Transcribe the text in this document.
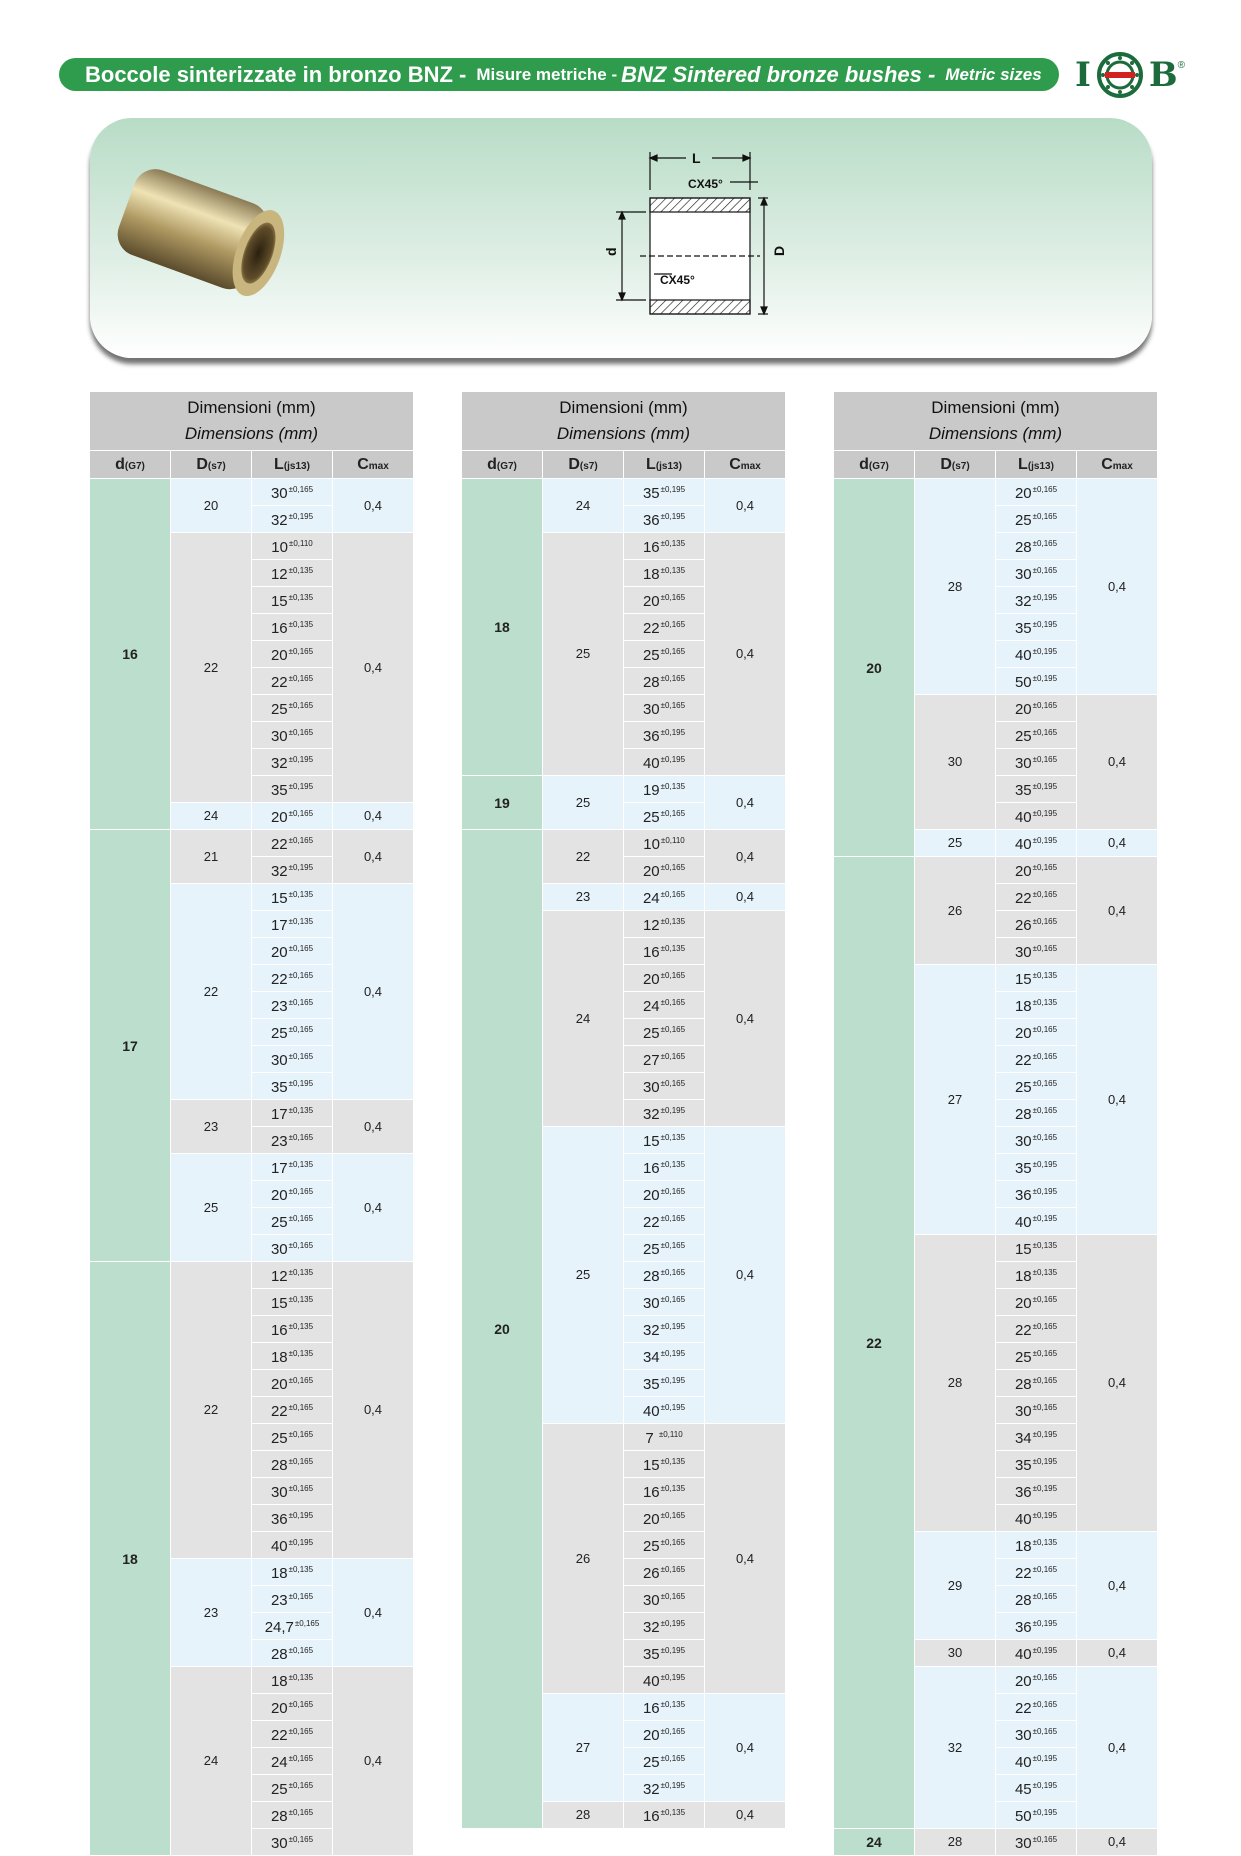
Boccole sinterizzate in bronzo BNZ - Misure metriche - BNZ Sintered bronze bushes - Metric sizes I B ®
L
CX45°
CX45°
d	D
Dimensioni (mm)
Dimensions (mm)			

d(G7)	D(s7)	L(js13)	Cmax
16	20	$30^{\pm 0,165}$	0,4
		$32^{\pm 0,195}$
	22	$10^{\pm 0,110}$	0,4
		$12^{\pm 0,135}$
		$15^{\pm 0,135}$
		$16^{\pm 0,135}$
		$20^{\pm 0,165}$
		$22^{\pm 0,165}$
		$25^{\pm 0,165}$
		$30^{\pm 0,165}$
		$32^{\pm 0,195}$
		$35^{\pm 0,195}$
	24	$20^{\pm 0,165}$	0,4
17	21	$22^{\pm 0,165}$	0,4
		$32^{\pm 0,195}$
	22	$15^{\pm 0,135}$	0,4
		$17^{\pm 0,135}$
		$20^{\pm 0,165}$
		$22^{\pm 0,165}$
		$23^{\pm 0,165}$
		$25^{\pm 0,165}$
		$30^{\pm 0,165}$
		$35^{\pm 0,195}$
	23	$17^{\pm 0,135}$	0,4
		$23^{\pm 0,165}$
	25	$17^{\pm 0,135}$	0,4
		$20^{\pm 0,165}$
		$25^{\pm 0,165}$
		$30^{\pm 0,165}$
18	22	$12^{\pm 0,135}$	0,4
		$15^{\pm 0,135}$
		$16^{\pm 0,135}$
		$18^{\pm 0,135}$
		$20^{\pm 0,165}$
		$22^{\pm 0,165}$
		$25^{\pm 0,165}$
		$28^{\pm 0,165}$
		$30^{\pm 0,165}$
		$36^{\pm 0,195}$
		$40^{\pm 0,195}$
	23	$18^{\pm 0,135}$	0,4
		$23^{\pm 0,165}$
		$24,7^{\pm 0,165}$
		$28^{\pm 0,165}$
	24	$18^{\pm 0,135}$	0,4
		$20^{\pm 0,165}$
		$22^{\pm 0,165}$
		$24^{\pm 0,165}$
		$25^{\pm 0,165}$
		$28^{\pm 0,165}$
		$30^{\pm 0,165}$
Dimensioni (mm)
Dimensions (mm)			

d(G7)	D(s7)	L(js13)	Cmax
18	24	$35^{\pm 0,195}$	0,4
		$36^{\pm 0,195}$
	25	$16^{\pm 0,135}$	0,4
		$18^{\pm 0,135}$
		$20^{\pm 0,165}$
		$22^{\pm 0,165}$
		$25^{\pm 0,165}$
		$28^{\pm 0,165}$
		$30^{\pm 0,165}$
		$36^{\pm 0,195}$
		$40^{\pm 0,195}$
19	25	$19^{\pm 0,135}$	0,4
		$25^{\pm 0,165}$
20	22	$10^{\pm 0,110}$	0,4
		$20^{\pm 0,165}$
	23	$24^{\pm 0,165}$	0,4
	24	$12^{\pm 0,135}$	0,4
		$16^{\pm 0,135}$
		$20^{\pm 0,165}$
		$24^{\pm 0,165}$
		$25^{\pm 0,165}$
		$27^{\pm 0,165}$
		$30^{\pm 0,165}$
		$32^{\pm 0,195}$
	25	$15^{\pm 0,135}$	0,4
		$16^{\pm 0,135}$
		$20^{\pm 0,165}$
		$22^{\pm 0,165}$
		$25^{\pm 0,165}$
		$28^{\pm 0,165}$
		$30^{\pm 0,165}$
		$32^{\pm 0,195}$
		$34^{\pm 0,195}$
		$35^{\pm 0,195}$
		$40^{\pm 0,195}$
	26	7 $^{\pm 0,110}$	0,4
		$15^{\pm 0,135}$
		$16^{\pm 0,135}$
		$20^{\pm 0,165}$
		$25^{\pm 0,165}$
		$26^{\pm 0,165}$
		$30^{\pm 0,165}$
		$32^{\pm 0,195}$
		$35^{\pm 0,195}$
		$40^{\pm 0,195}$
	27	$16^{\pm 0,135}$	0,4
		$20^{\pm 0,165}$
		$25^{\pm 0,165}$
		$32^{\pm 0,195}$
	28	$16^{\pm 0,135}$	0,4
Dimensioni (mm)
Dimensions (mm)			

d(G7)	D(s7)	L(js13)	Cmax
20	28	$20^{\pm 0,165}$	0,4
		$25^{\pm 0,165}$
		$28^{\pm 0,165}$
		$30^{\pm 0,165}$
		$32^{\pm 0,195}$
		$35^{\pm 0,195}$
		$40^{\pm 0,195}$
		$50^{\pm 0,195}$
	30	$20^{\pm 0,165}$	0,4
		$25^{\pm 0,165}$
		$30^{\pm 0,165}$
		$35^{\pm 0,195}$
		$40^{\pm 0,195}$
	25	$40^{\pm 0,195}$	0,4
22	26	$20^{\pm 0,165}$	0,4
		$22^{\pm 0,165}$
		$26^{\pm 0,165}$
		$30^{\pm 0,165}$
	27	$15^{\pm 0,135}$	0,4
		$18^{\pm 0,135}$
		$20^{\pm 0,165}$
		$22^{\pm 0,165}$
		$25^{\pm 0,165}$
		$28^{\pm 0,165}$
		$30^{\pm 0,165}$
		$35^{\pm 0,195}$
		$36^{\pm 0,195}$
		$40^{\pm 0,195}$
	28	$15^{\pm 0,135}$	0,4
		$18^{\pm 0,135}$
		$20^{\pm 0,165}$
		$22^{\pm 0,165}$
		$25^{\pm 0,165}$
		$28^{\pm 0,165}$
		$30^{\pm 0,165}$
		$34^{\pm 0,195}$
		$35^{\pm 0,195}$
		$36^{\pm 0,195}$
		$40^{\pm 0,195}$
	29	$18^{\pm 0,135}$	0,4
		$22^{\pm 0,165}$
		$28^{\pm 0,165}$
		$36^{\pm 0,195}$
	30	$40^{\pm 0,195}$	0,4
	32	$20^{\pm 0,165}$	0,4
		$22^{\pm 0,165}$
		$30^{\pm 0,165}$
		$40^{\pm 0,195}$
		$45^{\pm 0,195}$
		$50^{\pm 0,195}$
24	28	$30^{\pm 0,165}$	0,4
